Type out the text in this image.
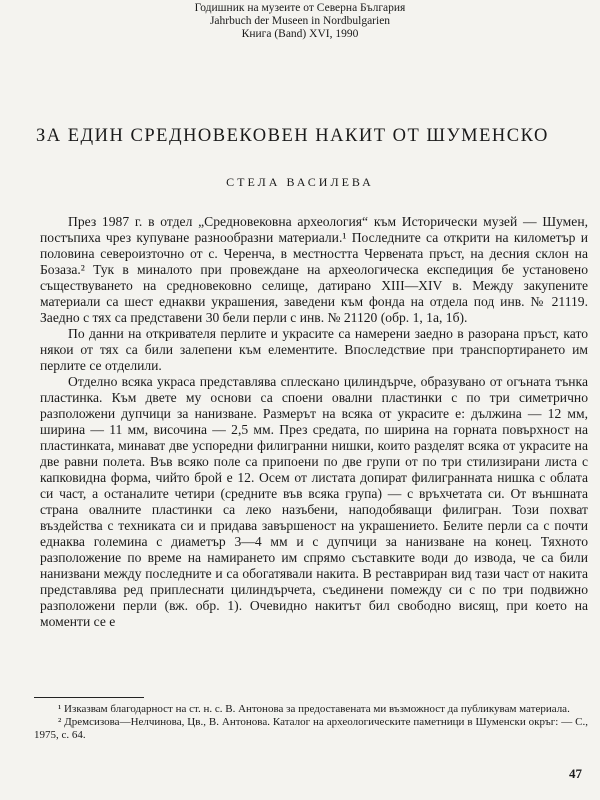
Годишник на музеите от Северна България
Jahrbuch der Museen in Nordbulgarien
Книга (Band) XVI, 1990
ЗА ЕДИН СРЕДНОВЕКОВЕН НАКИТ ОТ ШУМЕНСКО
СТЕЛА ВАСИЛЕВА

През 1987 г. в отдел „Средновековна археология“ към Исторически музей — Шумен, постъпиха чрез купуване разнообразни материали.¹ Последните са открити на километър и половина североизточно от с. Черенча, в местността Червената пръст, на десния склон на Бозаза.² Тук в миналото при провеждане на археологическа експедиция бе установено съществуването на средновековно селище, датирано XIII—XIV в. Между закупените материали са шест еднакви украшения, заведени към фонда на отдела под инв. № 21119. Заедно с тях са представени 30 бели перли с инв. № 21120 (обр. 1, 1а, 1б).

По данни на откривателя перлите и украсите са намерени заедно в разорана пръст, като някои от тях са били залепени към елементите. Впоследствие при транспортирането им перлите се отделили.

Отделно всяка украса представлява сплескано цилиндърче, образувано от огъната тънка пластинка. Към двете му основи са споени овални пластинки с по три симетрично разположени дупчици за нанизване. Размерът на всяка от украсите е: дължина — 12 мм, ширина — 11 мм, височина — 2,5 мм. През средата, по ширина на горната повърхност на пластинката, минават две успоредни филигранни нишки, които разделят всяка от украсите на две равни полета. Във всяко поле са припоени по две групи от по три стилизирани листа с капковидна форма, чийто брой е 12. Осем от листата допират филигранната нишка с облата си част, а останалите четири (средните във всяка група) — с връхчетата си. От външната страна овалните пластинки са леко назъбени, наподобяващи филигран. Този похват въздейства с техниката си и придава завършеност на украшението. Белите перли са с почти еднаква големина с диаметър 3—4 мм и с дупчици за нанизване на конец. Тяхното разположение по време на намирането им спрямо съставките води до извода, че са били нанизвани между последните и са обогатявали накита. В реставриран вид тази част от накита представлява ред приплеснати цилиндърчета, съединени помежду си с по три подвижно разположени перли (вж. обр. 1). Очевидно накитът бил свободно висящ, при което на моменти се е

¹ Изказвам благодарност на ст. н. с. В. Антонова за предоставената ми възможност да публикувам материала.

² Дремсизова—Нелчинова, Цв., В. Антонова. Каталог на археологическите паметници в Шуменски окръг: — С., 1975, с. 64.

47
